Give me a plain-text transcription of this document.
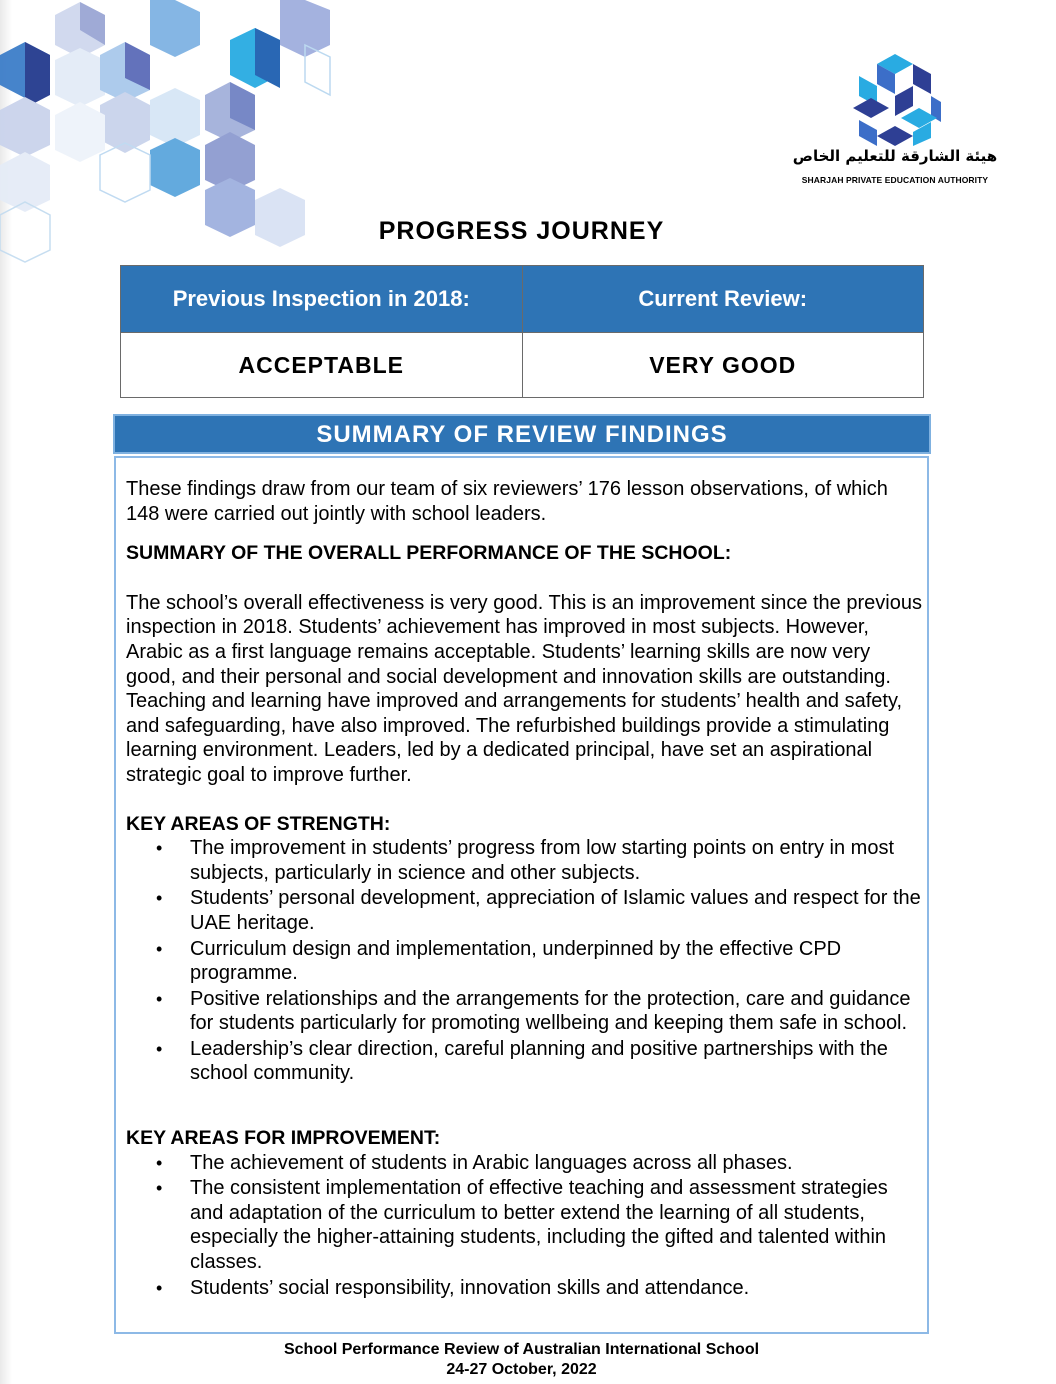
هيئة الشارقة للتعليم الخاص
SHARJAH PRIVATE EDUCATION AUTHORITY
PROGRESS JOURNEY
Previous Inspection in 2018:	Current Review:
ACCEPTABLE	VERY GOOD
SUMMARY OF REVIEW FINDINGS

These findings draw from our team of six reviewers’ 176 lesson observations, of which 148 were carried out jointly with school leaders.

SUMMARY OF THE OVERALL PERFORMANCE OF THE SCHOOL:

The school’s overall effectiveness is very good. This is an improvement since the previous inspection in 2018. Students’ achievement has improved in most subjects. However, Arabic as a first language remains acceptable. Students’ learning skills are now very good, and their personal and social development and innovation skills are outstanding. Teaching and learning have improved and arrangements for students’ health and safety, and safeguarding, have also improved. The refurbished buildings provide a stimulating learning environment. Leaders, led by a dedicated principal, have set an aspirational strategic goal to improve further.

KEY AREAS OF STRENGTH:

• The improvement in students’ progress from low starting points on entry in most subjects, particularly in science and other subjects.
• Students’ personal development, appreciation of Islamic values and respect for the UAE heritage.
• Curriculum design and implementation, underpinned by the effective CPD programme.
• Positive relationships and the arrangements for the protection, care and guidance for students particularly for promoting wellbeing and keeping them safe in school.
• Leadership’s clear direction, careful planning and positive partnerships with the school community.

KEY AREAS FOR IMPROVEMENT:

• The achievement of students in Arabic languages across all phases.
• The consistent implementation of effective teaching and assessment strategies and adaptation of the curriculum to better extend the learning of all students, especially the higher-attaining students, including the gifted and talented within classes.
• Students’ social responsibility, innovation skills and attendance.
School Performance Review of Australian International School
24-27 October, 2022
